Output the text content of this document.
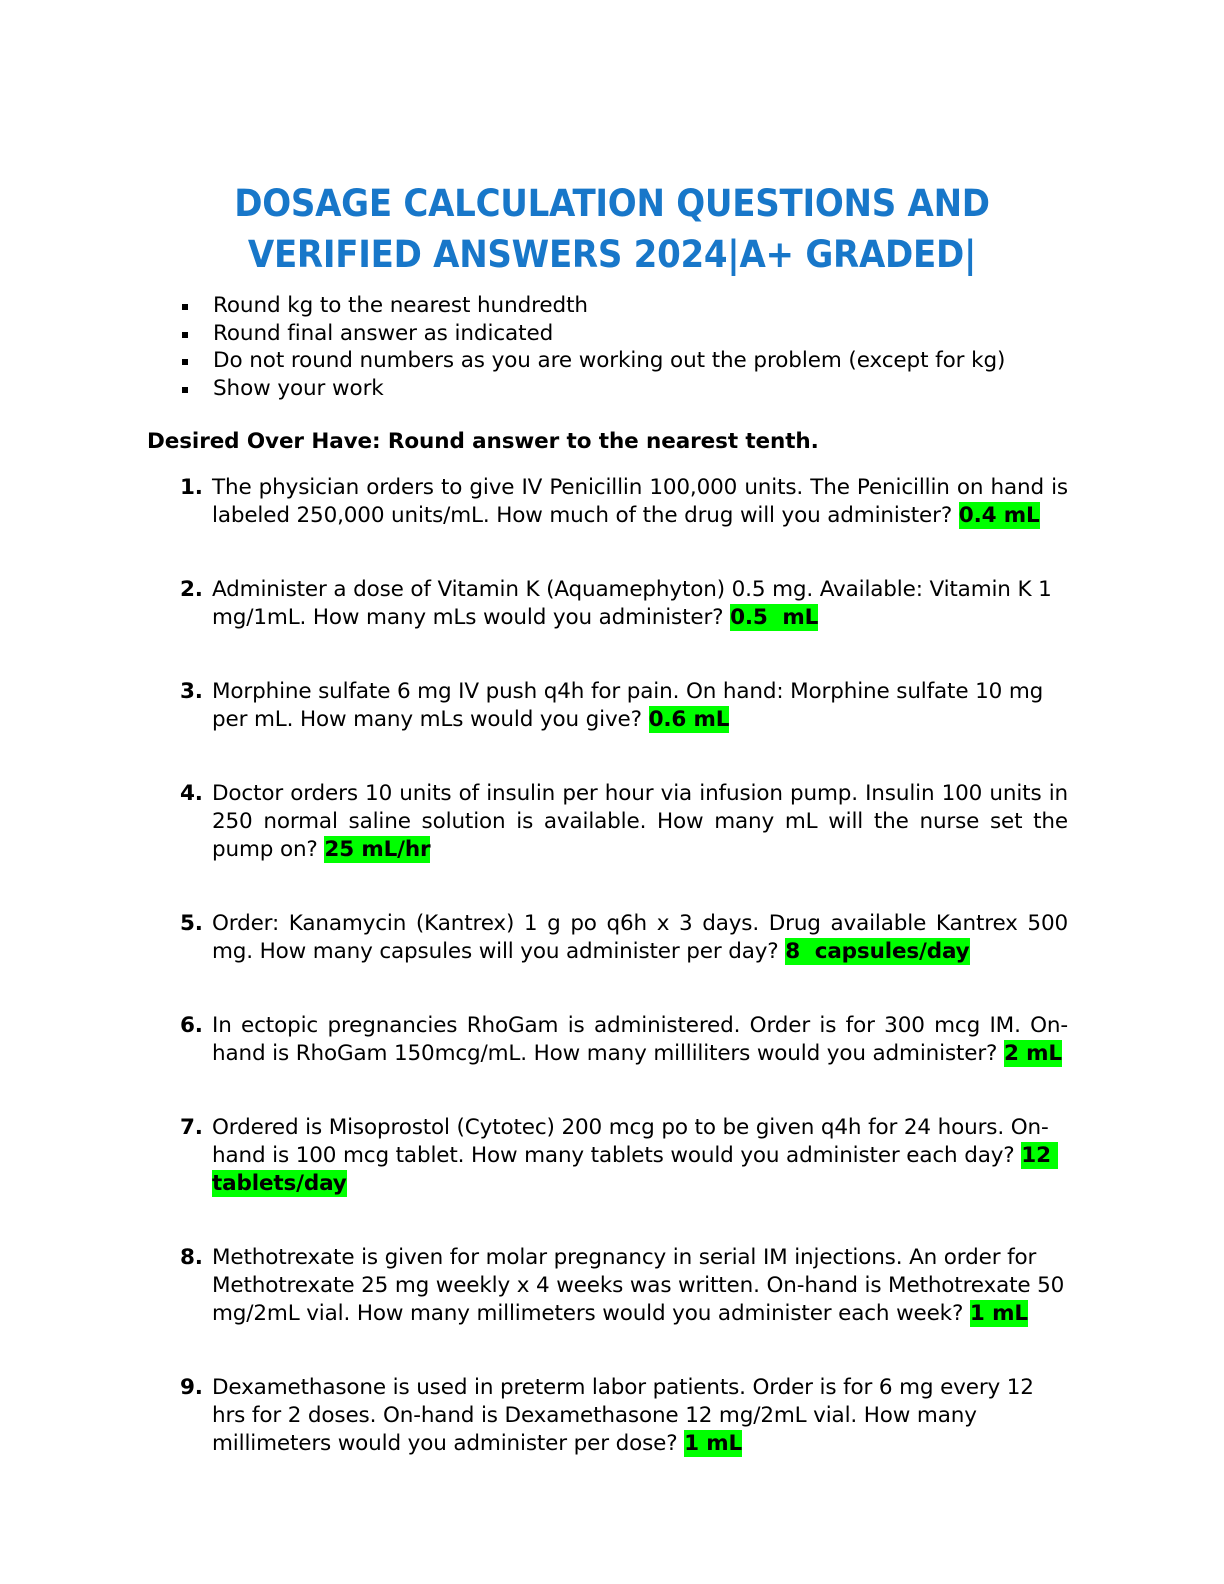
DOSAGE CALCULATION QUESTIONS AND
VERIFIED ANSWERS 2024|A+ GRADED|
Round kg to the nearest hundredth
Round final answer as indicated
Do not round numbers as you are working out the problem (except for kg)
Show your work
Desired Over Have: Round answer to the nearest tenth.
1. The physician orders to give IV Penicillin 100,000 units. The Penicillin on hand is labeled 250,000 units/mL. How much of the drug will you administer? 0.4 mL
2. Administer a dose of Vitamin K (Aquamephyton) 0.5 mg. Available: Vitamin K 1 mg/1mL. How many mLs would you administer? 0.5  mL
3. Morphine sulfate 6 mg IV push q4h for pain. On hand: Morphine sulfate 10 mg per mL. How many mLs would you give? 0.6 mL
4. Doctor orders 10 units of insulin per hour via infusion pump. Insulin 100 units in 250 normal saline solution is available. How many mL will the nurse set the pump on? 25 mL/hr
5. Order: Kanamycin (Kantrex) 1 g po q6h x 3 days. Drug available Kantrex 500 mg. How many capsules will you administer per day? 8  capsules/day
6. In ectopic pregnancies RhoGam is administered. Order is for 300 mcg IM. On-hand is RhoGam 150mcg/mL. How many milliliters would you administer? 2 mL
7. Ordered is Misoprostol (Cytotec) 200 mcg po to be given q4h for 24 hours. On-hand is 100 mcg tablet. How many tablets would you administer each day? 12 tablets/day
8. Methotrexate is given for molar pregnancy in serial IM injections. An order for Methotrexate 25 mg weekly x 4 weeks was written. On-hand is Methotrexate 50 mg/2mL vial. How many millimeters would you administer each week? 1 mL
9. Dexamethasone is used in preterm labor patients. Order is for 6 mg every 12 hrs for 2 doses. On-hand is Dexamethasone 12 mg/2mL vial. How many millimeters would you administer per dose? 1 mL
